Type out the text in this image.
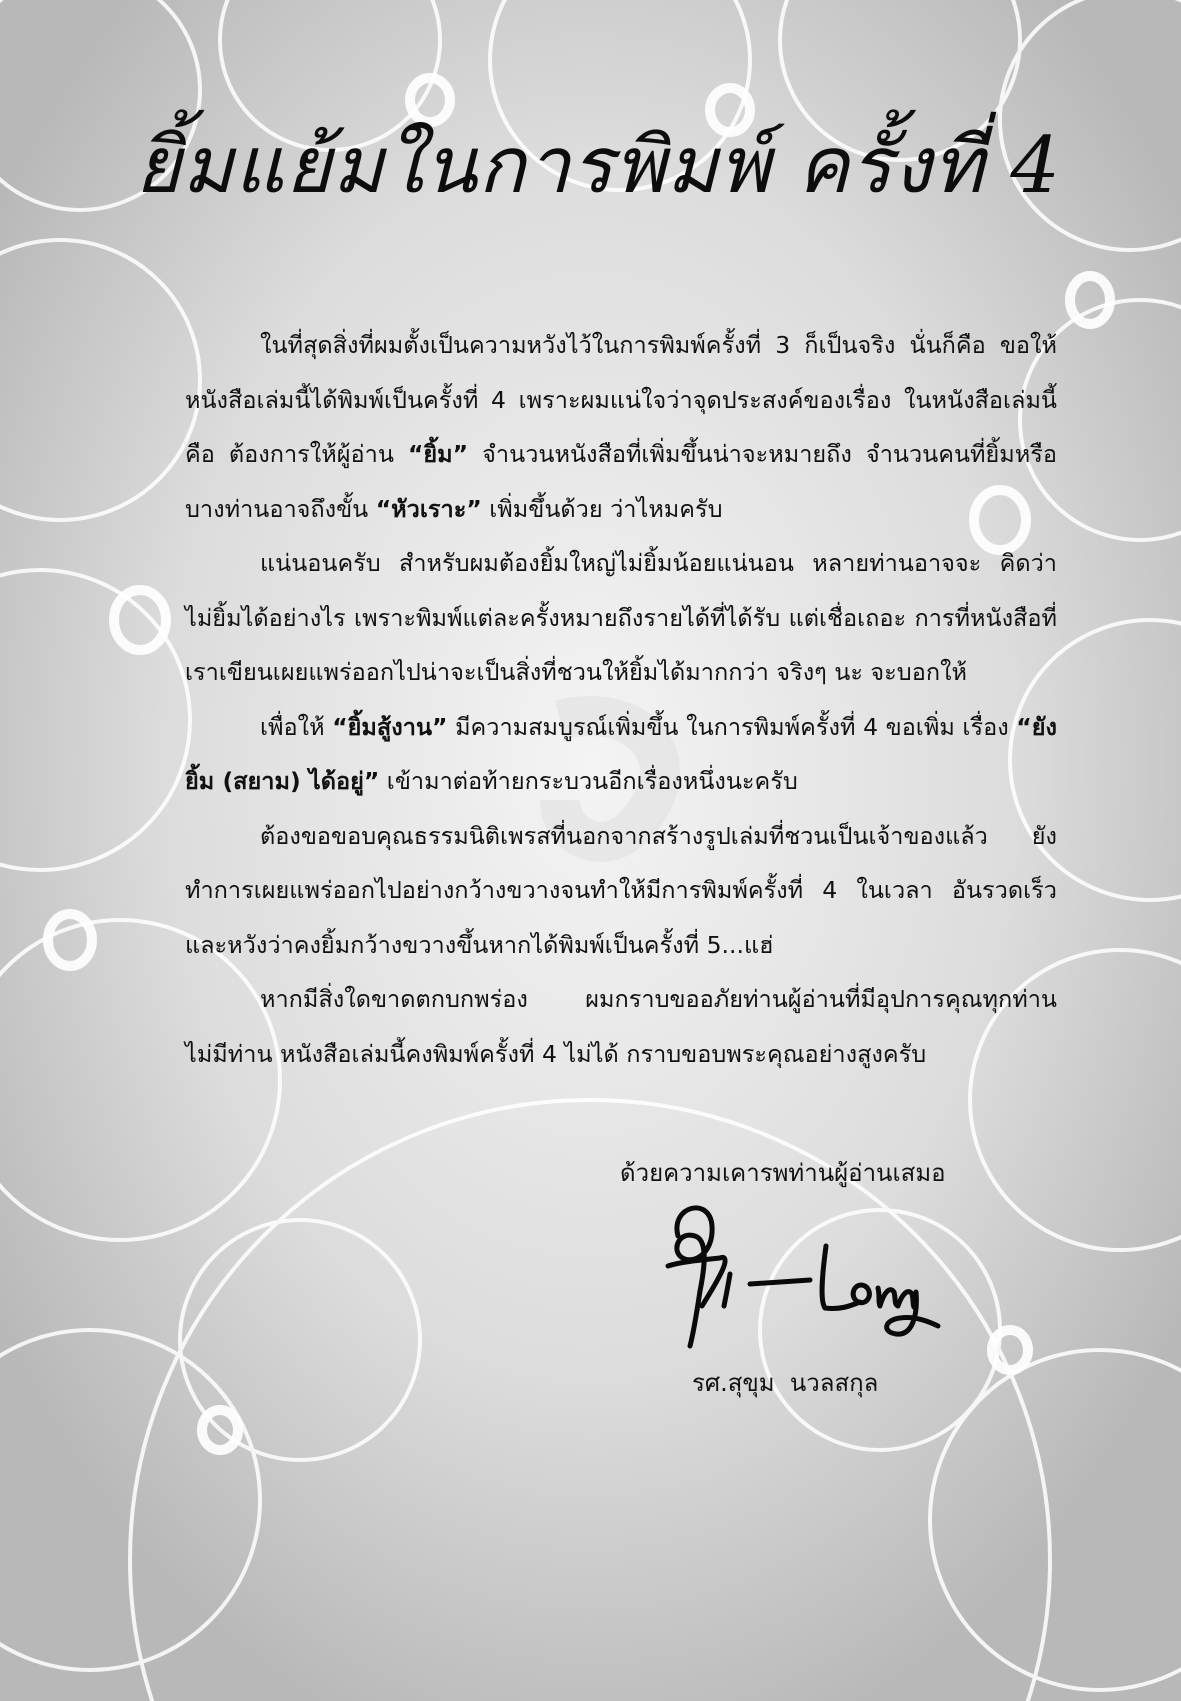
ยิ้มแย้มในการพิมพ์ ครั้งที่ 4

ในที่สุดสิ่งที่ผมตั้งเป็นความหวังไว้ในการพิมพ์ครั้งที่ 3 ก็เป็นจริง นั่นก็คือ ขอให้หนังสือเล่มนี้ได้พิมพ์เป็นครั้งที่ 4 เพราะผมแน่ใจว่าจุดประสงค์ของเรื่อง ในหนังสือเล่มนี้คือ ต้องการให้ผู้อ่าน “ยิ้ม” จำนวนหนังสือที่เพิ่มขึ้นน่าจะหมายถึง จำนวนคนที่ยิ้มหรือบางท่านอาจถึงขั้น “หัวเราะ” เพิ่มขึ้นด้วย ว่าไหมครับ

แน่นอนครับ สำหรับผมต้องยิ้มใหญ่ไม่ยิ้มน้อยแน่นอน หลายท่านอาจจะ คิดว่า ไม่ยิ้มได้อย่างไร เพราะพิมพ์แต่ละครั้งหมายถึงรายได้ที่ได้รับ แต่เชื่อเถอะ การที่หนังสือที่เราเขียนเผยแพร่ออกไปน่าจะเป็นสิ่งที่ชวนให้ยิ้มได้มากกว่า จริงๆ นะ จะบอกให้

เพื่อให้ “ยิ้มสู้งาน” มีความสมบูรณ์เพิ่มขึ้น ในการพิมพ์ครั้งที่ 4 ขอเพิ่ม เรื่อง “ยังยิ้ม (สยาม) ได้อยู่” เข้ามาต่อท้ายกระบวนอีกเรื่องหนึ่งนะครับ

ต้องขอขอบคุณธรรมนิติเพรสที่นอกจากสร้างรูปเล่มที่ชวนเป็นเจ้าของแล้ว ยังทำการเผยแพร่ออกไปอย่างกว้างขวางจนทำให้มีการพิมพ์ครั้งที่ 4 ในเวลา อันรวดเร็ว และหวังว่าคงยิ้มกว้างขวางขึ้นหากได้พิมพ์เป็นครั้งที่ 5...แฮ่

หากมีสิ่งใดขาดตกบกพร่อง ผมกราบขออภัยท่านผู้อ่านที่มีอุปการคุณทุกท่าน ไม่มีท่าน หนังสือเล่มนี้คงพิมพ์ครั้งที่ 4 ไม่ได้ กราบขอบพระคุณอย่างสูงครับ

ด้วยความเคารพท่านผู้อ่านเสมอ
รศ.สุขุม  นวลสกุล
